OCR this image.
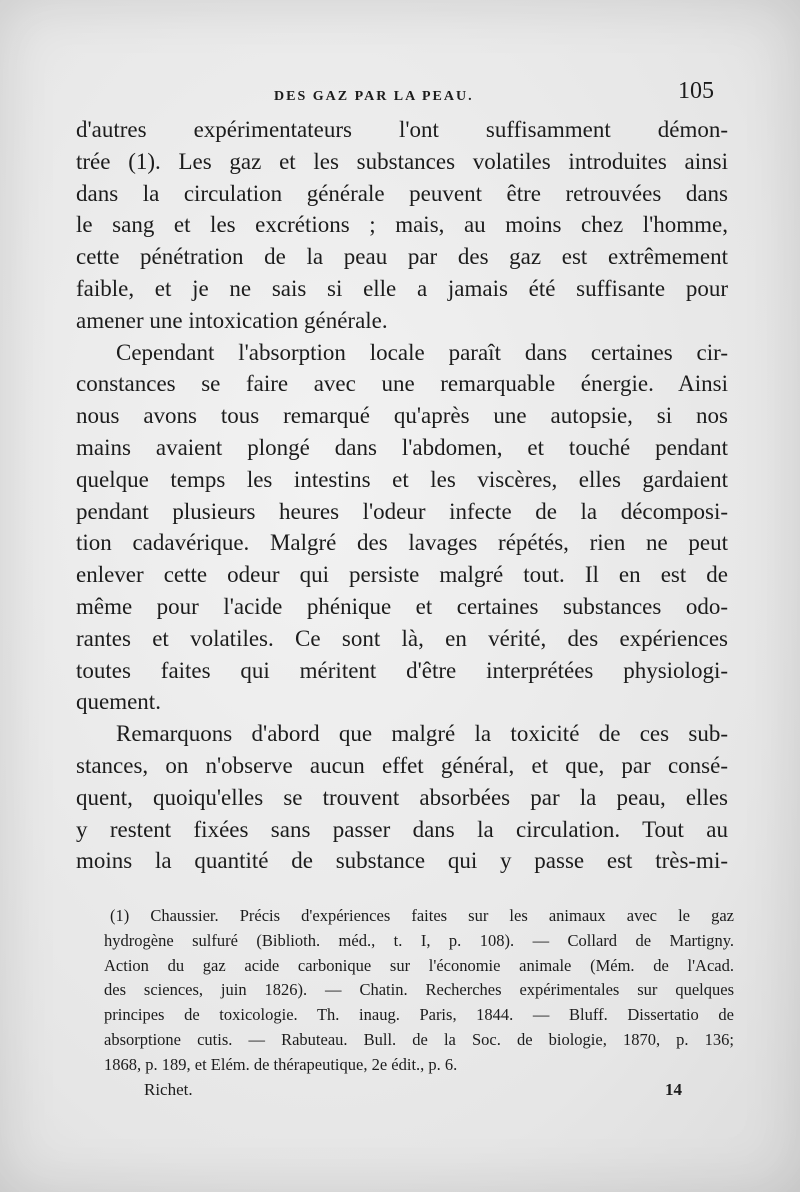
DES GAZ PAR LA PEAU.	105
d'autres expérimentateurs l'ont suffisamment démon-
trée (1). Les gaz et les substances volatiles introduites ainsi
dans la circulation générale peuvent être retrouvées dans
le sang et les excrétions ; mais, au moins chez l'homme,
cette pénétration de la peau par des gaz est extrêmement
faible, et je ne sais si elle a jamais été suffisante pour
amener une intoxication générale.
Cependant l'absorption locale paraît dans certaines cir-
constances se faire avec une remarquable énergie. Ainsi
nous avons tous remarqué qu'après une autopsie, si nos
mains avaient plongé dans l'abdomen, et touché pendant
quelque temps les intestins et les viscères, elles gardaient
pendant plusieurs heures l'odeur infecte de la décomposi-
tion cadavérique. Malgré des lavages répétés, rien ne peut
enlever cette odeur qui persiste malgré tout. Il en est de
même pour l'acide phénique et certaines substances odo-
rantes et volatiles. Ce sont là, en vérité, des expériences
toutes faites qui méritent d'être interprétées physiologi-
quement.
Remarquons d'abord que malgré la toxicité de ces sub-
stances, on n'observe aucun effet général, et que, par consé-
quent, quoiqu'elles se trouvent absorbées par la peau, elles
y restent fixées sans passer dans la circulation. Tout au
moins la quantité de substance qui y passe est très-mi-
(1) Chaussier. Précis d'expériences faites sur les animaux avec le gaz
hydrogène sulfuré (Biblioth. méd., t. I, p. 108). — Collard de Martigny.
Action du gaz acide carbonique sur l'économie animale (Mém. de l'Acad.
des sciences, juin 1826). — Chatin. Recherches expérimentales sur quelques
principes de toxicologie. Th. inaug. Paris, 1844. — Bluff. Dissertatio de
absorptione cutis. — Rabuteau. Bull. de la Soc. de biologie, 1870, p. 136;
1868, p. 189, et Elém. de thérapeutique, 2e édit., p. 6.
Richet.	14
